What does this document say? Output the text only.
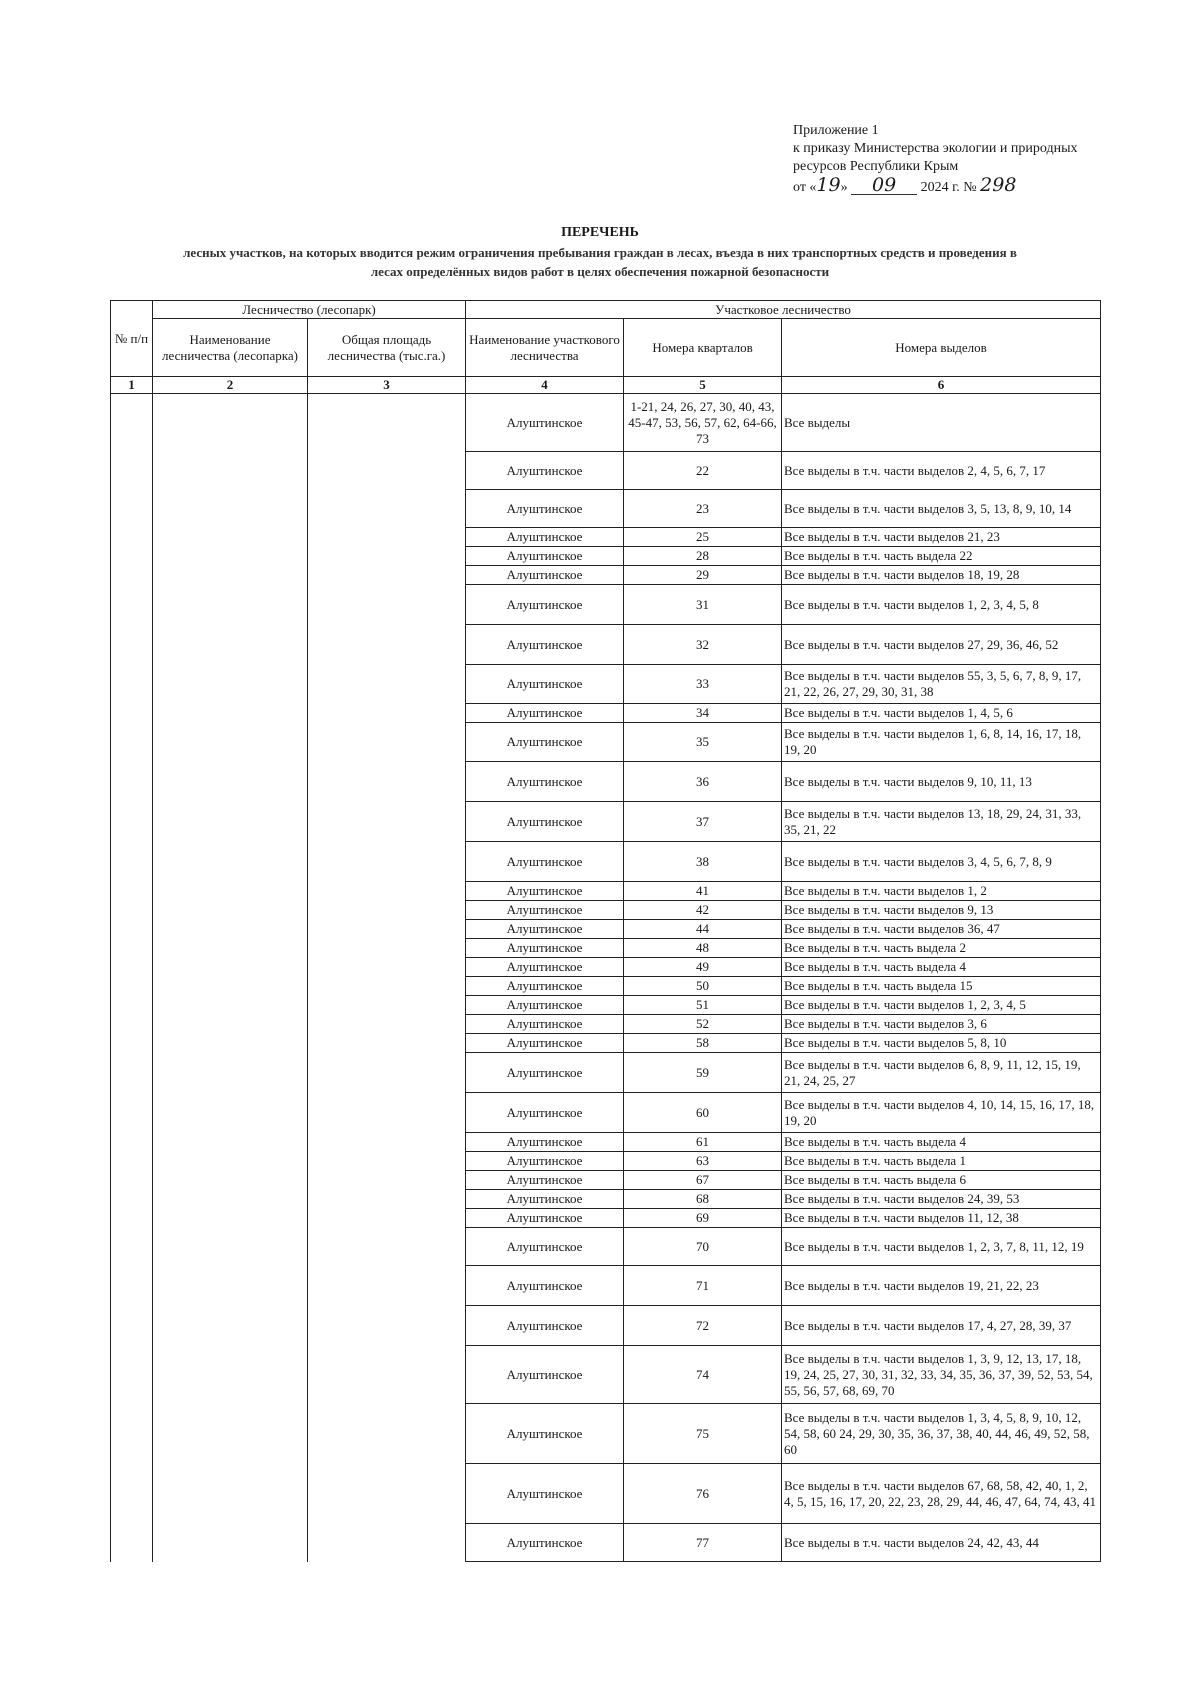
Приложение 1
к приказу Министерства экологии и природных
ресурсов Республики Крым
от «19» 09 2024 г. № 298
ПЕРЕЧЕНЬ
лесных участков, на которых вводится режим ограничения пребывания граждан в лесах, въезда в них транспортных средств и проведения в
лесах определённых видов работ в целях обеспечения пожарной безопасности
№ п/п	Лесничество (лесопарк)		Участковое лесничество		
	Наименование лесничества (лесопарка)	Общая площадь лесничества (тыс.га.)	Наименование участкового лесничества	Номера кварталов	Номера выделов
1	2	3	4	5	6
			Алуштинское	1-21, 24, 26, 27, 30, 40, 43, 45-47, 53, 56, 57, 62, 64-66, 73	Все выделы
			Алуштинское	22	Все выделы в т.ч. части выделов 2, 4, 5, 6, 7, 17
			Алуштинское	23	Все выделы в т.ч. части выделов 3, 5, 13, 8, 9, 10, 14
			Алуштинское	25	Все выделы в т.ч. части выделов 21, 23
			Алуштинское	28	Все выделы в т.ч. часть выдела 22
			Алуштинское	29	Все выделы в т.ч. части выделов 18, 19, 28
			Алуштинское	31	Все выделы в т.ч. части выделов 1, 2, 3, 4, 5, 8
			Алуштинское	32	Все выделы в т.ч. части выделов 27, 29, 36, 46, 52
			Алуштинское	33	Все выделы в т.ч. части выделов 55, 3, 5, 6, 7, 8, 9, 17, 21, 22, 26, 27, 29, 30, 31, 38
			Алуштинское	34	Все выделы в т.ч. части выделов 1, 4, 5, 6
			Алуштинское	35	Все выделы в т.ч. части выделов 1, 6, 8, 14, 16, 17, 18, 19, 20
			Алуштинское	36	Все выделы в т.ч. части выделов 9, 10, 11, 13
			Алуштинское	37	Все выделы в т.ч. части выделов 13, 18, 29, 24, 31, 33, 35, 21, 22
			Алуштинское	38	Все выделы в т.ч. части выделов 3, 4, 5, 6, 7, 8, 9
			Алуштинское	41	Все выделы в т.ч. части выделов 1, 2
			Алуштинское	42	Все выделы в т.ч. части выделов 9, 13
			Алуштинское	44	Все выделы в т.ч. части выделов 36, 47
			Алуштинское	48	Все выделы в т.ч. часть выдела 2
			Алуштинское	49	Все выделы в т.ч. часть выдела 4
			Алуштинское	50	Все выделы в т.ч. часть выдела 15
			Алуштинское	51	Все выделы в т.ч. части выделов 1, 2, 3, 4, 5
			Алуштинское	52	Все выделы в т.ч. части выделов 3, 6
			Алуштинское	58	Все выделы в т.ч. части выделов 5, 8, 10
			Алуштинское	59	Все выделы в т.ч. части выделов 6, 8, 9, 11, 12, 15, 19, 21, 24, 25, 27
			Алуштинское	60	Все выделы в т.ч. части выделов 4, 10, 14, 15, 16, 17, 18, 19, 20
			Алуштинское	61	Все выделы в т.ч. часть выдела 4
			Алуштинское	63	Все выделы в т.ч. часть выдела 1
			Алуштинское	67	Все выделы в т.ч. часть выдела 6
			Алуштинское	68	Все выделы в т.ч. части выделов 24, 39, 53
			Алуштинское	69	Все выделы в т.ч. части выделов 11, 12, 38
			Алуштинское	70	Все выделы в т.ч. части выделов 1, 2, 3, 7, 8, 11, 12, 19
			Алуштинское	71	Все выделы в т.ч. части выделов 19, 21, 22, 23
			Алуштинское	72	Все выделы в т.ч. части выделов 17, 4, 27, 28, 39, 37
			Алуштинское	74	Все выделы в т.ч. части выделов 1, 3, 9, 12, 13, 17, 18, 19, 24, 25, 27, 30, 31, 32, 33, 34, 35, 36, 37, 39, 52, 53, 54, 55, 56, 57, 68, 69, 70
			Алуштинское	75	Все выделы в т.ч. части выделов 1, 3, 4, 5, 8, 9, 10, 12, 54, 58, 60 24, 29, 30, 35, 36, 37, 38, 40, 44, 46, 49, 52, 58, 60
			Алуштинское	76	Все выделы в т.ч. части выделов 67, 68, 58, 42, 40, 1, 2, 4, 5, 15, 16, 17, 20, 22, 23, 28, 29, 44, 46, 47, 64, 74, 43, 41
			Алуштинское	77	Все выделы в т.ч. части выделов 24, 42, 43, 44
